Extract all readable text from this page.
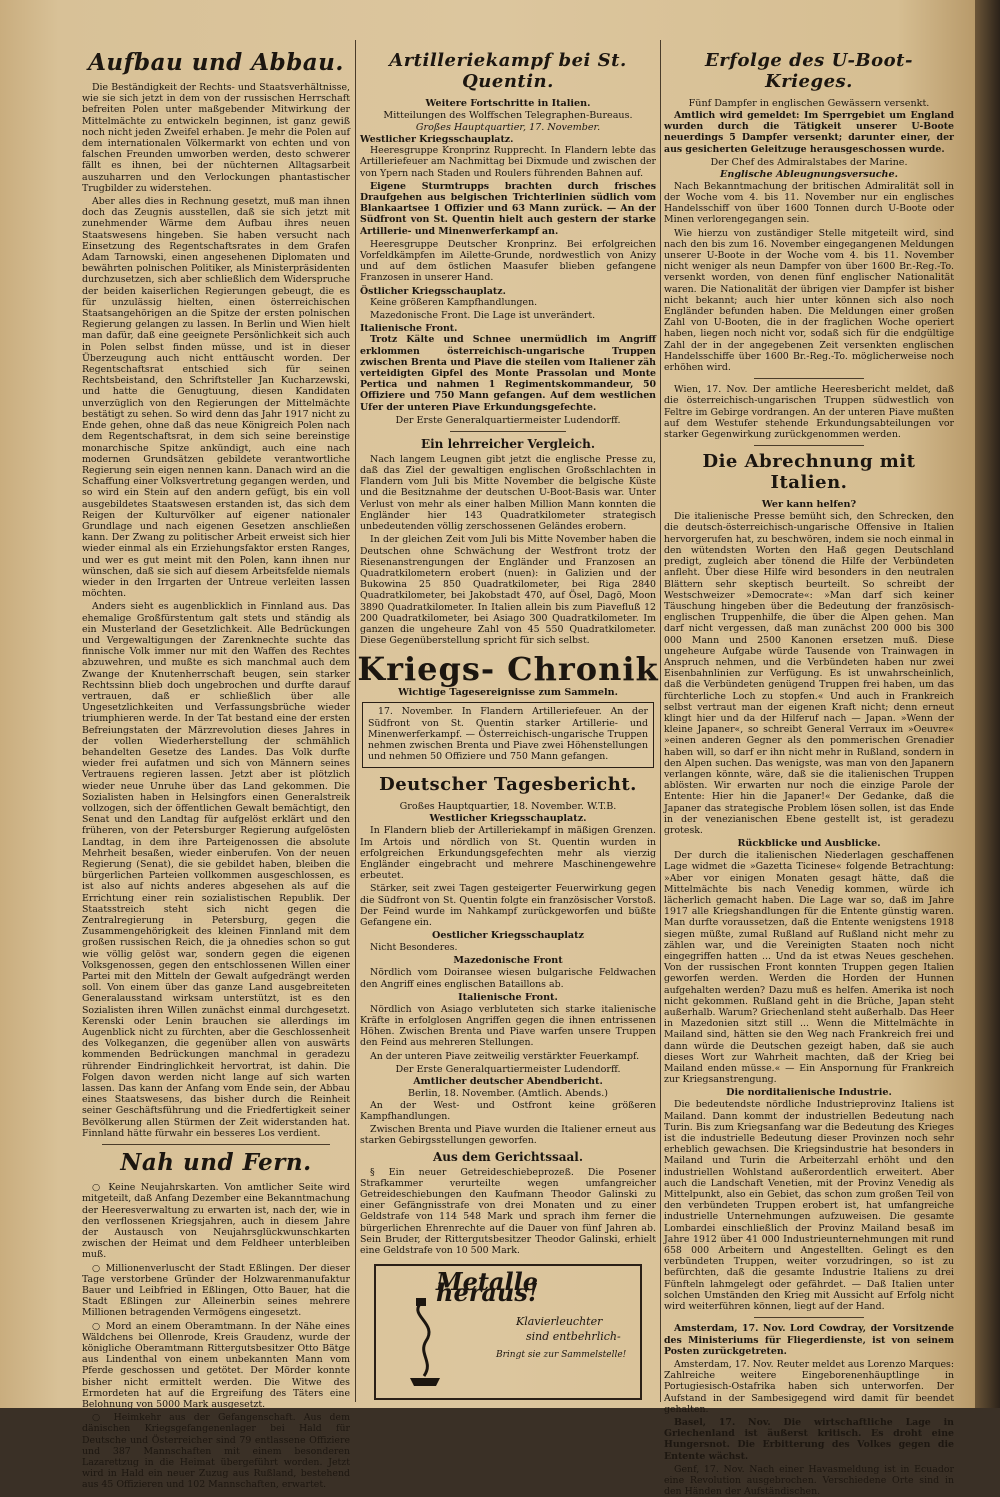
Aufbau und Abbau.

Die Beständigkeit der Rechts- und Staatsverhältnisse, wie sie sich jetzt in dem von der russischen Herrschaft befreiten Polen unter maßgebender Mitwirkung der Mittelmächte zu entwickeln beginnen, ist ganz gewiß noch nicht jeden Zweifel erhaben. Je mehr die Polen auf dem internationalen Völkermarkt von echten und von falschen Freunden umworben werden, desto schwerer fällt es ihnen, bei der nüchternen Alltagsarbeit auszuharren und den Verlockungen phantastischer Trugbilder zu widerstehen.

Aber alles dies in Rechnung gesetzt, muß man ihnen doch das Zeugnis ausstellen, daß sie sich jetzt mit zunehmender Wärme dem Aufbau ihres neuen Staatswesens hingeben. Sie haben versucht nach Einsetzung des Regentschaftsrates in dem Grafen Adam Tarnowski, einen angesehenen Diplomaten und bewährten polnischen Politiker, als Ministerpräsidenten durchzusetzen, sich aber schließlich dem Widerspruche der beiden kaiserlichen Regierungen gebeugt, die es für unzulässig hielten, einen österreichischen Staatsangehörigen an die Spitze der ersten polnischen Regierung gelangen zu lassen. In Berlin und Wien hielt man dafür, daß eine geeignete Persönlichkeit sich auch in Polen selbst finden müsse, und ist in dieser Überzeugung auch nicht enttäuscht worden. Der Regentschaftsrat entschied sich für seinen Rechtsbeistand, den Schriftsteller Jan Kucharzewski, und hatte die Genugtuung, diesen Kandidaten unverzüglich von den Regierungen der Mittelmächte bestätigt zu sehen. So wird denn das Jahr 1917 nicht zu Ende gehen, ohne daß das neue Königreich Polen nach dem Regentschaftsrat, in dem sich seine bereinstige monarchische Spitze ankündigt, auch eine nach modernen Grundsätzen gebildete verantwortliche Regierung sein eigen nennen kann. Danach wird an die Schaffung einer Volksvertretung gegangen werden, und so wird ein Stein auf den andern gefügt, bis ein voll ausgebildetes Staatswesen erstanden ist, das sich dem Reigen der Kulturvölker auf eigener nationaler Grundlage und nach eigenen Gesetzen anschließen kann. Der Zwang zu politischer Arbeit erweist sich hier wieder einmal als ein Erziehungsfaktor ersten Ranges, und wer es gut meint mit den Polen, kann ihnen nur wünschen, daß sie sich auf diesem Arbeitsfelde niemals wieder in den Irrgarten der Untreue verleiten lassen möchten.

Anders sieht es augenblicklich in Finnland aus. Das ehemalige Großfürstentum galt stets und ständig als ein Musterland der Gesetzlichkeit. Alle Bedrückungen und Vergewaltigungen der Zarenknechte suchte das finnische Volk immer nur mit den Waffen des Rechtes abzuwehren, und mußte es sich manchmal auch dem Zwange der Knutenherrschaft beugen, sein starker Rechtssinn blieb doch ungebrochen und durfte darauf vertrauen, daß er schließlich über alle Ungesetzlichkeiten und Verfassungsbrüche wieder triumphieren werde. In der Tat bestand eine der ersten Befreiungstaten der Märzrevolution dieses Jahres in der vollen Wiederherstellung der schmählich behandelten Gesetze des Landes. Das Volk durfte wieder frei aufatmen und sich von Männern seines Vertrauens regieren lassen. Jetzt aber ist plötzlich wieder neue Unruhe über das Land gekommen. Die Sozialisten haben in Helsingfors einen Generalstreik vollzogen, sich der öffentlichen Gewalt bemächtigt, den Senat und den Landtag für aufgelöst erklärt und den früheren, von der Petersburger Regierung aufgelösten Landtag, in dem ihre Parteigenossen die absolute Mehrheit besaßen, wieder einberufen. Von der neuen Regierung (Senat), die sie gebildet haben, bleiben die bürgerlichen Parteien vollkommen ausgeschlossen, es ist also auf nichts anderes abgesehen als auf die Errichtung einer rein sozialistischen Republik. Der Staatsstreich steht sich nicht gegen die Zentralregierung in Petersburg, gegen die Zusammengehörigkeit des kleinen Finnland mit dem großen russischen Reich, die ja ohnedies schon so gut wie völlig gelöst war, sondern gegen die eigenen Volksgenossen, gegen den entschlossenen Willen einer Partei mit den Mitteln der Gewalt aufgedrängt werden soll. Von einem über das ganze Land ausgebreiteten Generalausstand wirksam unterstützt, ist es den Sozialisten ihren Willen zunächst einmal durchgesetzt. Kerenski oder Lenin brauchen sie allerdings im Augenblick nicht zu fürchten, aber die Geschlossenheit des Volkeganzen, die gegenüber allen von auswärts kommenden Bedrückungen manchmal in geradezu rührender Eindringlichkeit hervortrat, ist dahin. Die Folgen davon werden nicht lange auf sich warten lassen. Das kann der Anfang vom Ende sein, der Abbau eines Staatswesens, das bisher durch die Reinheit seiner Geschäftsführung und die Friedfertigkeit seiner Bevölkerung allen Stürmen der Zeit widerstanden hat. Finnland hätte fürwahr ein besseres Los verdient.

Nah und Fern.

○ Keine Neujahrskarten. Von amtlicher Seite wird mitgeteilt, daß Anfang Dezember eine Bekanntmachung der Heeresverwaltung zu erwarten ist, nach der, wie in den verflossenen Kriegsjahren, auch in diesem Jahre der Austausch von Neujahrsglückwunschkarten zwischen der Heimat und dem Feldheer unterbleiben muß.

○ Millionenverluscht der Stadt Eßlingen. Der dieser Tage verstorbene Gründer der Holzwarenmanufaktur Bauer und Leibfried in Eßlingen, Otto Bauer, hat die Stadt Eßlingen zur Alleinerbin seines mehrere Millionen betragenden Vermögens eingesetzt.

○ Mord an einem Oberamtmann. In der Nähe eines Wäldchens bei Ollenrode, Kreis Graudenz, wurde der königliche Oberamtmann Rittergutsbesitzer Otto Bätge aus Lindenthal von einem unbekannten Mann vom Pferde geschossen und getötet. Der Mörder konnte bisher nicht ermittelt werden. Die Witwe des Ermordeten hat auf die Ergreifung des Täters eine Belohnung von 5000 Mark ausgesetzt.

○ Heimkehr aus der Gefangenschaft. Aus dem dänischen Kriegsgefangenenlager bei Hald für Deutsche und Österreicher sind 79 entlassene Offiziere und 387 Mannschaften mit einem besonderen Lazarettzug in die Heimat übergeführt worden. Jetzt wird in Hald ein neuer Zuzug aus Rußland, bestehend aus 45 Offizieren und 102 Mannschaften, erwartet.

Artilleriekampf bei St. Quentin.
Weitere Fortschritte in Italien.
Mitteilungen des Wolffschen Telegraphen-Bureaus.
Großes Hauptquartier, 17. November.
Westlicher Kriegsschauplatz.

Heeresgruppe Kronprinz Rupprecht. In Flandern lebte das Artilleriefeuer am Nachmittag bei Dixmude und zwischen der von Ypern nach Staden und Roulers führenden Bahnen auf.

Eigene Sturmtrupps brachten durch frisches Draufgehen aus belgischen Trichterlinien südlich vom Blankaartsee 1 Offizier und 63 Mann zurück. — An der Südfront von St. Quentin hielt auch gestern der starke Artillerie- und Minenwerferkampf an.

Heeresgruppe Deutscher Kronprinz. Bei erfolgreichen Vorfeldkämpfen im Ailette-Grunde, nordwestlich von Anizy und auf dem östlichen Maasufer blieben gefangene Franzosen in unserer Hand.

Östlicher Kriegsschauplatz.

Keine größeren Kampfhandlungen.

Mazedonische Front. Die Lage ist unverändert.

Italienische Front.

Trotz Kälte und Schnee unermüdlich im Angriff erklommen österreichisch-ungarische Truppen zwischen Brenta und Piave die steilen vom Italiener zäh verteidigten Gipfel des Monte Prassolan und Monte Pertica und nahmen 1 Regimentskommandeur, 50 Offiziere und 750 Mann gefangen. Auf dem westlichen Ufer der unteren Piave Erkundungsgefechte.

Der Erste Generalquartiermeister Ludendorff.
Ein lehrreicher Vergleich.

Nach langem Leugnen gibt jetzt die englische Presse zu, daß das Ziel der gewaltigen englischen Großschlachten in Flandern vom Juli bis Mitte November die belgische Küste und die Besitznahme der deutschen U-Boot-Basis war. Unter Verlust von mehr als einer halben Million Mann konnten die Engländer hier 143 Quadratkilometer strategisch unbedeutenden völlig zerschossenen Geländes erobern.

In der gleichen Zeit vom Juli bis Mitte November haben die Deutschen ohne Schwächung der Westfront trotz der Riesenanstrengungen der Engländer und Franzosen an Quadratkilometern erobert (nuen): in Galizien und der Bukowina 25 850 Quadratkilometer, bei Riga 2840 Quadratkilometer, bei Jakobstadt 470, auf Ösel, Dagö, Moon 3890 Quadratkilometer. In Italien allein bis zum Piavefluß 12 200 Quadratkilometer, bei Asiago 300 Quadratkilometer. Im ganzen die ungeheure Zahl von 45 550 Quadratkilometer. Diese Gegenüberstellung spricht für sich selbst.

Kriegs- Chronik
Wichtige Tagesereignisse zum Sammeln.

17. November. In Flandern Artilleriefeuer. An der Südfront von St. Quentin starker Artillerie- und Minenwerferkampf. — Österreichisch-ungarische Truppen nehmen zwischen Brenta und Piave zwei Höhenstellungen und nehmen 50 Offiziere und 750 Mann gefangen.

Deutscher Tagesbericht.
Großes Hauptquartier, 18. November. W.T.B.
Westlicher Kriegsschauplatz.

In Flandern blieb der Artilleriekampf in mäßigen Grenzen. Im Artois und nördlich von St. Quentin wurden in erfolgreichen Erkundungsgefechten mehr als vierzig Engländer eingebracht und mehrere Maschinengewehre erbeutet.

Stärker, seit zwei Tagen gesteigerter Feuerwirkung gegen die Südfront von St. Quentin folgte ein französischer Vorstoß. Der Feind wurde im Nahkampf zurückgeworfen und büßte Gefangene ein.

Oestlicher Kriegsschauplatz

Nicht Besonderes.

Mazedonische Front

Nördlich vom Doiransee wiesen bulgarische Feldwachen den Angriff eines englischen Bataillons ab.

Italienische Front.

Nördlich von Asiago verbluteten sich starke italienische Kräfte in erfolglosen Angriffen gegen die ihnen entrissenen Höhen. Zwischen Brenta und Piave warfen unsere Truppen den Feind aus mehreren Stellungen.

An der unteren Piave zeitweilig verstärkter Feuerkampf.

Der Erste Generalquartiermeister Ludendorff.
Amtlicher deutscher Abendbericht.
Berlin, 18. November. (Amtlich. Abends.)

An der West- und Ostfront keine größeren Kampfhandlungen.

Zwischen Brenta und Piave wurden die Italiener erneut aus starken Gebirgsstellungen geworfen.

Aus dem Gerichtssaal.

§ Ein neuer Getreideschiebeprozeß. Die Posener Strafkammer verurteilte wegen umfangreicher Getreideschiebungen den Kaufmann Theodor Galinski zu einer Gefängnisstrafe von drei Monaten und zu einer Geldstrafe von 114 548 Mark und sprach ihm ferner die bürgerlichen Ehrenrechte auf die Dauer von fünf Jahren ab. Sein Bruder, der Rittergutsbesitzer Theodor Galinski, erhielt eine Geldstrafe von 10 500 Mark.

Metalle heraus!
Klavierleuchter
sind entbehrlich-
Bringt sie zur Sammelstelle!
Erfolge des U-Boot-Krieges.
Fünf Dampfer in englischen Gewässern versenkt.

Amtlich wird gemeldet: Im Sperrgebiet um England wurden durch die Tätigkeit unserer U-Boote neuerdings 5 Dampfer versenkt; darunter einer, der aus gesicherten Geleitzuge herausgeschossen wurde.

Der Chef des Admiralstabes der Marine.
Englische Ableugnungsversuche.

Nach Bekanntmachung der britischen Admiralität soll in der Woche vom 4. bis 11. November nur ein englisches Handelsschiff von über 1600 Tonnen durch U-Boote oder Minen verlorengegangen sein.

Wie hierzu von zuständiger Stelle mitgeteilt wird, sind nach den bis zum 16. November eingegangenen Meldungen unserer U-Boote in der Woche vom 4. bis 11. November nicht weniger als neun Dampfer von über 1600 Br.-Reg.-To. versenkt worden, von denen fünf englischer Nationalität waren. Die Nationalität der übrigen vier Dampfer ist bisher nicht bekannt; auch hier unter können sich also noch Engländer befunden haben. Die Meldungen einer großen Zahl von U-Booten, die in der fraglichen Woche operiert haben, liegen noch nicht vor, sodaß sich für die endgültige Zahl der in der angegebenen Zeit versenkten englischen Handelsschiffe über 1600 Br.-Reg.-To. möglicherweise noch erhöhen wird.

Wien, 17. Nov. Der amtliche Heeresbericht meldet, daß die österreichisch-ungarischen Truppen südwestlich von Feltre im Gebirge vordrangen. An der unteren Piave mußten auf dem Westufer stehende Erkundungsabteilungen vor starker Gegenwirkung zurückgenommen werden.

Die Abrechnung mit Italien.
Wer kann helfen?

Die italienische Presse bemüht sich, den Schrecken, den die deutsch-österreichisch-ungarische Offensive in Italien hervorgerufen hat, zu beschwören, indem sie noch einmal in den wütendsten Worten den Haß gegen Deutschland predigt, zugleich aber tönend die Hilfe der Verbündeten anfleht. Über diese Hilfe wird besonders in den neutralen Blättern sehr skeptisch beurteilt. So schreibt der Westschweizer »Democrate«: »Man darf sich keiner Täuschung hingeben über die Bedeutung der französisch-englischen Truppenhilfe, die über die Alpen gehen. Man darf nicht vergessen, daß man zunächst 200 000 bis 300 000 Mann und 2500 Kanonen ersetzen muß. Diese ungeheure Aufgabe würde Tausende von Trainwagen in Anspruch nehmen, und die Verbündeten haben nur zwei Eisenbahnlinien zur Verfügung. Es ist unwahrscheinlich, daß die Verbündeten genügend Truppen frei haben, um das fürchterliche Loch zu stopfen.« Und auch in Frankreich selbst vertraut man der eigenen Kraft nicht; denn erneut klingt hier und da der Hilferuf nach — Japan. »Wenn der kleine Japaner«, so schreibt General Verraux im »Oeuvre« »einen anderen Gegner als den pommerischen Grenadier haben will, so darf er ihn nicht mehr in Rußland, sondern in den Alpen suchen. Das wenigste, was man von den Japanern verlangen könnte, wäre, daß sie die italienischen Truppen ablösten. Wir erwarten nur noch die einzige Parole der Entente: Hier hin die Japaner!« Der Gedanke, daß die Japaner das strategische Problem lösen sollen, ist das Ende in der venezianischen Ebene gestellt ist, ist geradezu grotesk.

Rückblicke und Ausblicke.

Der durch die italienischen Niederlagen geschaffenen Lage widmet die »Gazetta Ticinese« folgende Betrachtung: »Aber vor einigen Monaten gesagt hätte, daß die Mittelmächte bis nach Venedig kommen, würde ich lächerlich gemacht haben. Die Lage war so, daß im Jahre 1917 alle Kriegshandlungen für die Entente günstig waren. Man durfte voraussetzen, daß die Entente wenigstens 1918 siegen müßte, zumal Rußland auf Rußland nicht mehr zu zählen war, und die Vereinigten Staaten noch nicht eingegriffen hatten ... Und da ist etwas Neues geschehen. Von der russischen Front konnten Truppen gegen Italien geworfen werden. Werden die Horden der Hunnen aufgehalten werden? Dazu muß es helfen. Amerika ist noch nicht gekommen. Rußland geht in die Brüche, Japan steht außerhalb. Warum? Griechenland steht außerhalb. Das Heer in Mazedonien sitzt still ... Wenn die Mittelmächte in Mailand sind, hätten sie den Weg nach Frankreich frei und dann würde die Deutschen gezeigt haben, daß sie auch dieses Wort zur Wahrheit machten, daß der Krieg bei Mailand enden müsse.« — Ein Anspornung für Frankreich zur Kriegsanstrengung.

Die norditalienische Industrie.

Die bedeutendste nördliche Industrieprovinz Italiens ist Mailand. Dann kommt der industriellen Bedeutung nach Turin. Bis zum Kriegsanfang war die Bedeutung des Krieges ist die industrielle Bedeutung dieser Provinzen noch sehr erheblich gewachsen. Die Kriegsindustrie hat besonders in Mailand und Turin die Arbeiterzahl erhöht und den industriellen Wohlstand außerordentlich erweitert. Aber auch die Landschaft Venetien, mit der Provinz Venedig als Mittelpunkt, also ein Gebiet, das schon zum großen Teil von den verbündeten Truppen erobert ist, hat umfangreiche industrielle Unternehmungen aufzuweisen. Die gesamte Lombardei einschließlich der Provinz Mailand besaß im Jahre 1912 über 41 000 Industrieunternehmungen mit rund 658 000 Arbeitern und Angestellten. Gelingt es den verbündeten Truppen, weiter vorzudringen, so ist zu befürchten, daß die gesamte Industrie Italiens zu drei Fünfteln lahmgelegt oder gefährdet. — Daß Italien unter solchen Umständen den Krieg mit Aussicht auf Erfolg nicht wird weiterführen können, liegt auf der Hand.

Amsterdam, 17. Nov. Lord Cowdray, der Vorsitzende des Ministeriums für Fliegerdienste, ist von seinem Posten zurückgetreten.

Amsterdam, 17. Nov. Reuter meldet aus Lorenzo Marques: Zahlreiche weitere Eingeborenenhäuptlinge in Portugiesisch-Ostafrika haben sich unterworfen. Der Aufstand in der Sambesigegend wird damit für beendet gehalten.

Basel, 17. Nov. Die wirtschaftliche Lage in Griechenland ist äußerst kritisch. Es droht eine Hungersnot. Die Erbitterung des Volkes gegen die Entente wächst.

Genf, 17. Nov. Nach einer Havasmeldung ist in Ecuador eine Revolution ausgebrochen. Verschiedene Orte sind in den Händen der Aufständischen.
